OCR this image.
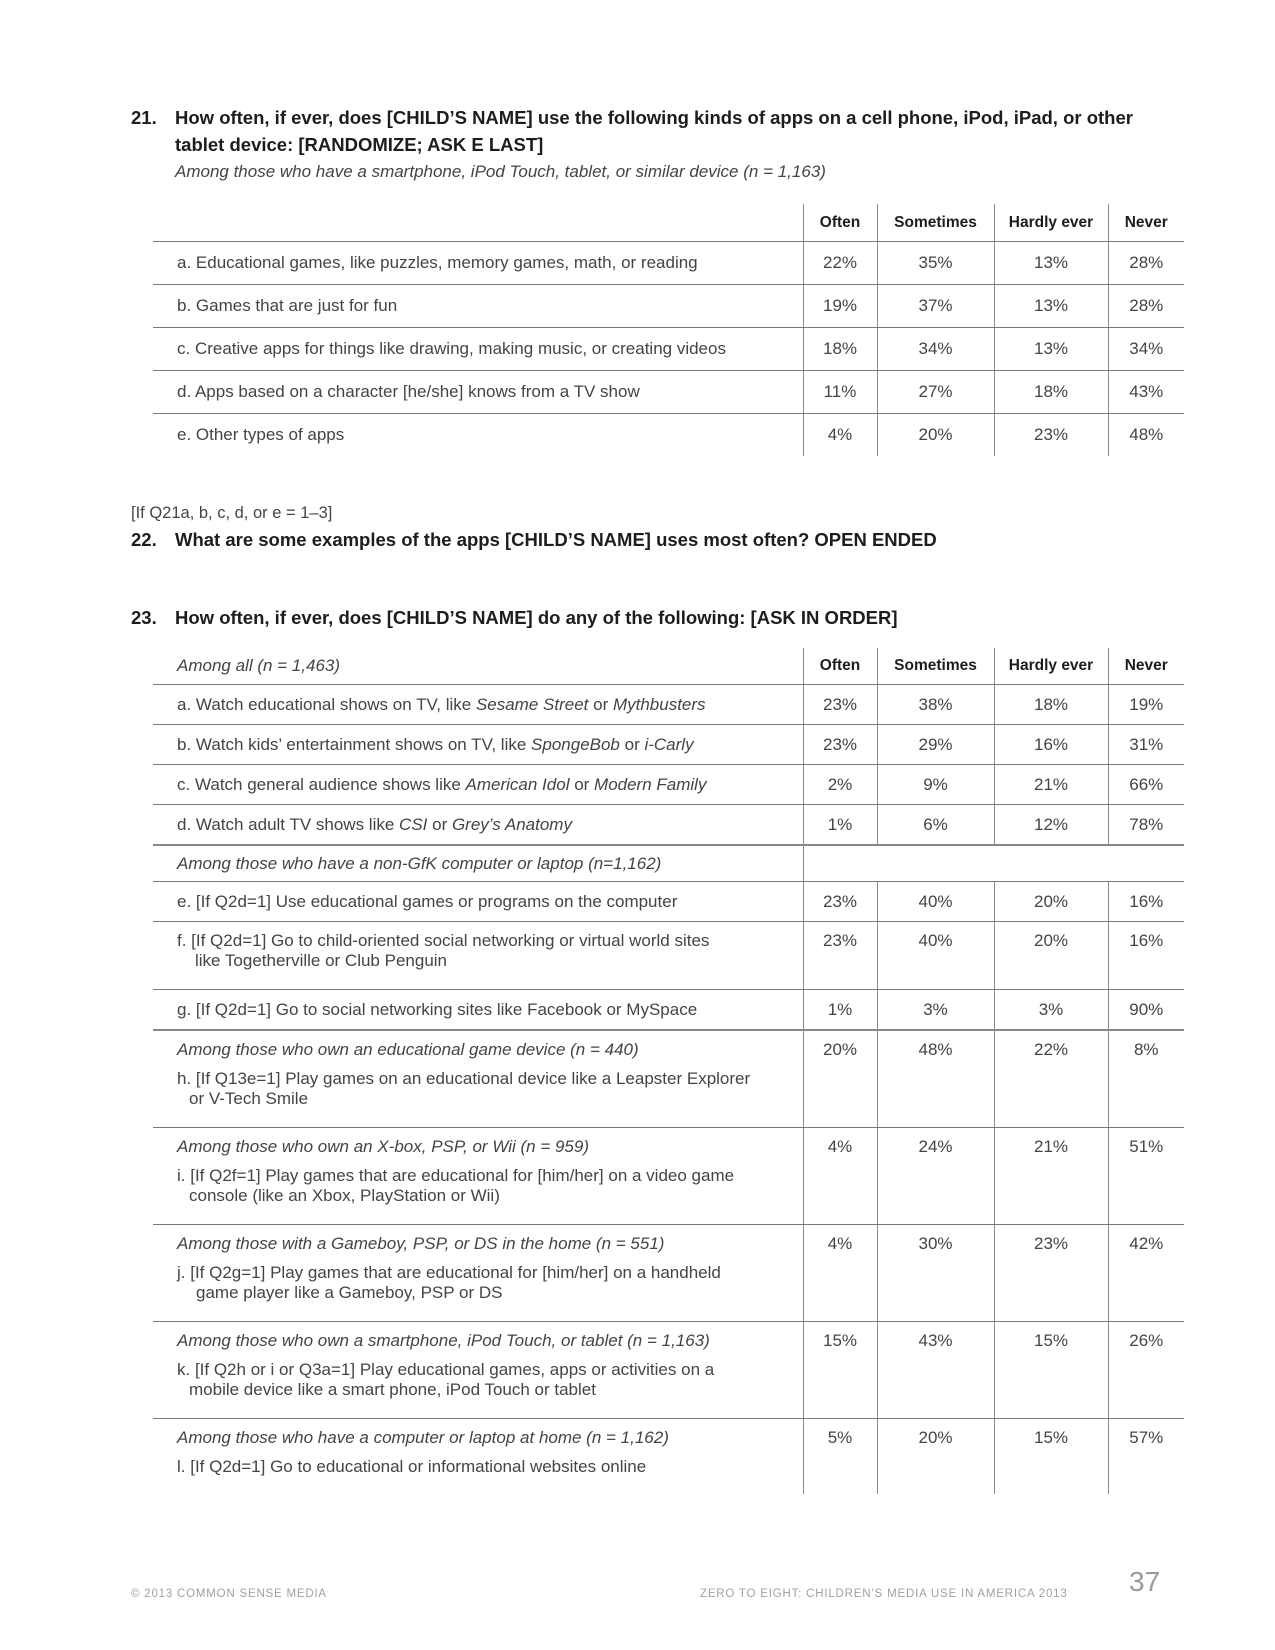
21. How often, if ever, does [CHILD’S NAME] use the following kinds of apps on a cell phone, iPod, iPad, or other tablet device: [RANDOMIZE; ASK E LAST]
Among those who have a smartphone, iPod Touch, tablet, or similar device (n = 1,163)
	Often	Sometimes	Hardly ever	Never
a. Educational games, like puzzles, memory games, math, or reading	22%	35%	13%	28%
b. Games that are just for fun	19%	37%	13%	28%
c. Creative apps for things like drawing, making music, or creating videos	18%	34%	13%	34%
d. Apps based on a character [he/she] knows from a TV show	11%	27%	18%	43%
e. Other types of apps	4%	20%	23%	48%
[If Q21a, b, c, d, or e = 1–3]
22. What are some examples of the apps [CHILD’S NAME] uses most often? OPEN ENDED
23. How often, if ever, does [CHILD’S NAME] do any of the following: [ASK IN ORDER]
Among all (n = 1,463)	Often	Sometimes	Hardly ever	Never
a. Watch educational shows on TV, like Sesame Street or Mythbusters	23%	38%	18%	19%
b. Watch kids’ entertainment shows on TV, like SpongeBob or i-Carly	23%	29%	16%	31%
c. Watch general audience shows like American Idol or Modern Family	2%	9%	21%	66%
d. Watch adult TV shows like CSI or Grey’s Anatomy	1%	6%	12%	78%
Among those who have a non-GfK computer or laptop (n=1,162)				
e. [If Q2d=1] Use educational games or programs on the computer	23%	40%	20%	16%

f. [If Q2d=1] Go to child-oriented social networking or virtual world sites
like Togetherville or Club Penguin	23%	40%	20%	16%
g. [If Q2d=1] Go to social networking sites like Facebook or MySpace	1%	3%	3%	90%

Among those who own an educational game device (n = 440)
h. [If Q13e=1] Play games on an educational device like a Leapster Explorer
or V-Tech Smile	20%	48%	22%	8%

Among those who own an X-box, PSP, or Wii (n = 959)
i. [If Q2f=1] Play games that are educational for [him/her] on a video game
console (like an Xbox, PlayStation or Wii)	4%	24%	21%	51%

Among those with a Gameboy, PSP, or DS in the home (n = 551)
j. [If Q2g=1] Play games that are educational for [him/her] on a handheld
game player like a Gameboy, PSP or DS	4%	30%	23%	42%

Among those who own a smartphone, iPod Touch, or tablet (n = 1,163)
k. [If Q2h or i or Q3a=1] Play educational games, apps or activities on a
mobile device like a smart phone, iPod Touch or tablet	15%	43%	15%	26%

Among those who have a computer or laptop at home (n = 1,162)
l. [If Q2d=1] Go to educational or informational websites online	5%	20%	15%	57%
© 2013 COMMON SENSE MEDIA	ZERO TO EIGHT: CHILDREN’S MEDIA USE IN AMERICA 2013 37
